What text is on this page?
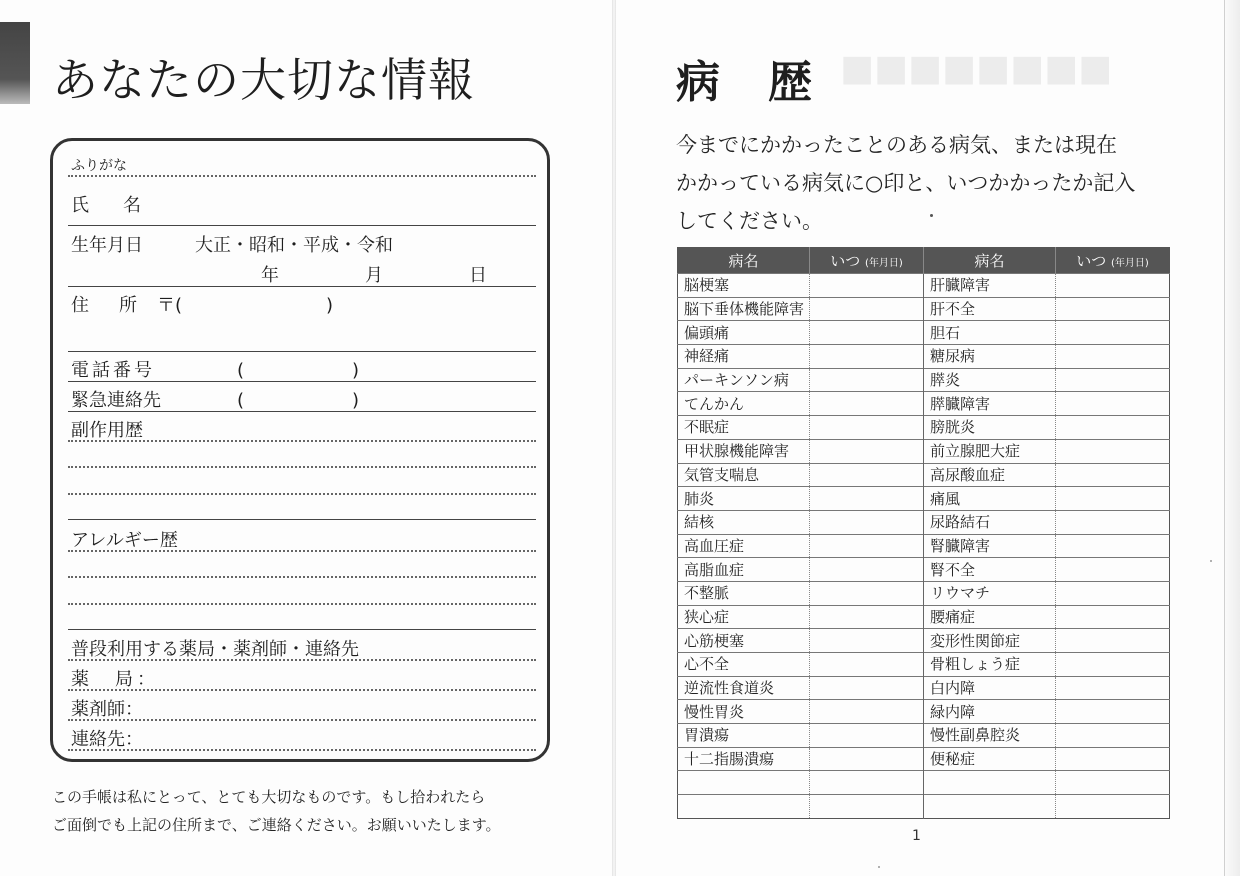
あなたの大切な情報
ふりがな
氏　名
生年月日	大正・昭和・平成・令和
年	月	日
住　所 〒(　　　　　　　　)
電話番号	(　　　　　　)
緊急連絡先	(　　　　　　)
副作用歴
アレルギー歴
普段利用する薬局・薬剤師・連絡先
薬　局：
薬剤師：
連絡先：
この手帳は私にとって、とても大切なものです。もし拾われたら
ご面倒でも上記の住所まで、ご連絡ください。お願いいたします。
■■■■■■■■
病　歴
今までにかかったことのある病気、または現在
かかっている病気に○印と、いつかかったか記入
してください。
病名	いつ (年月日)	病名	いつ (年月日)
脳梗塞		肝臓障害	
脳下垂体機能障害		肝不全	
偏頭痛		胆石	
神経痛		糖尿病	
パーキンソン病		膵炎	
てんかん		膵臓障害	
不眠症		膀胱炎	
甲状腺機能障害		前立腺肥大症	
気管支喘息		高尿酸血症	
肺炎		痛風	
結核		尿路結石	
高血圧症		腎臓障害	
高脂血症		腎不全	
不整脈		リウマチ	
狭心症		腰痛症	
心筋梗塞		変形性関節症	
心不全		骨粗しょう症	
逆流性食道炎		白内障	
慢性胃炎		緑内障	
胃潰瘍		慢性副鼻腔炎	
十二指腸潰瘍		便秘症	

1
